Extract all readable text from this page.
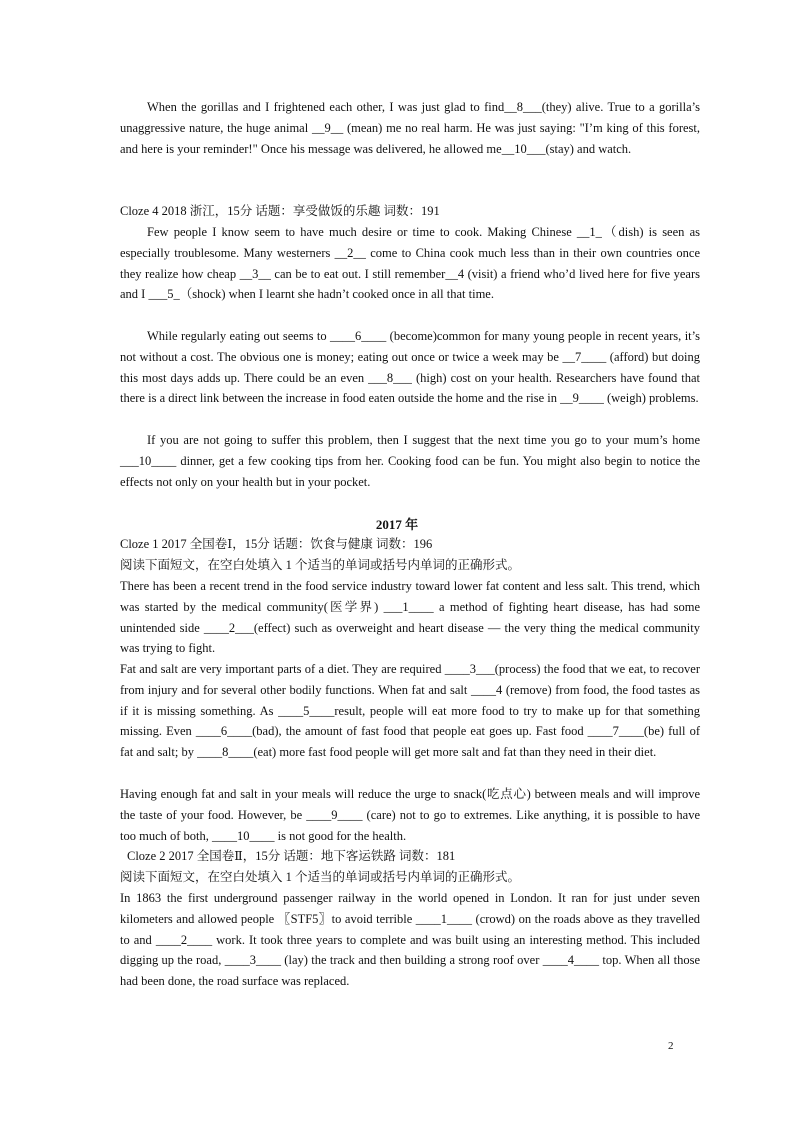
When the gorillas and I frightened each other, I was just glad to find__8___(they) alive. True to a gorilla’s unaggressive nature, the huge animal __9__ (mean) me no real harm. He was just saying: "I’m king of this forest, and here is your reminder!" Once his message was delivered, he allowed me__10___(stay) and watch.

Cloze 4 2018 浙江，15分 话题：享受做饭的乐趣 词数：191

Few people I know seem to have much desire or time to cook. Making Chinese __1_（dish) is seen as especially troublesome. Many westerners __2__ come to China cook much less than in their own countries once they realize how cheap __3__ can be to eat out. I still remember__4 (visit) a friend who’d lived here for five years and I ___5_（shock) when I learnt she hadn’t cooked once in all that time.

While regularly eating out seems to ____6____ (become)common for many young people in recent years, it’s not without a cost. The obvious one is money; eating out once or twice a week may be __7____ (afford) but doing this most days adds up. There could be an even ___8___ (high) cost on your health. Researchers have found that there is a direct link between the increase in food eaten outside the home and the rise in __9____ (weigh) problems.

If you are not going to suffer this problem, then I suggest that the next time you go to your mum’s home ___10____ dinner, get a few cooking tips from her. Cooking food can be fun. You might also begin to notice the effects not only on your health but in your pocket.

2017 年

Cloze 1 2017 全国卷Ⅰ，15分 话题：饮食与健康 词数：196

阅读下面短文，在空白处填入 1 个适当的单词或括号内单词的正确形式。

There has been a recent trend in the food service industry toward lower fat content and less salt. This trend, which was started by the medical community(医学界) ___1____ a method of fighting heart disease, has had some unintended side ____2___(effect) such as overweight and heart disease — the very thing the medical community was trying to fight.

Fat and salt are very important parts of a diet. They are required ____3___(process) the food that we eat, to recover from injury and for several other bodily functions. When fat and salt ____4 (remove) from food, the food tastes as if it is missing something. As ____5____result, people will eat more food to try to make up for that something missing. Even ____6____(bad), the amount of fast food that people eat goes up. Fast food ____7____(be) full of fat and salt; by ____8____(eat) more fast food people will get more salt and fat than they need in their diet.

Having enough fat and salt in your meals will reduce the urge to snack(吃点心) between meals and will improve the taste of your food. However, be ____9____ (care) not to go to extremes. Like anything, it is possible to have too much of both, ____10____ is not good for the health.

Cloze 2 2017 全国卷Ⅱ，15分 话题：地下客运铁路 词数：181

阅读下面短文，在空白处填入 1 个适当的单词或括号内单词的正确形式。

In 1863 the first underground passenger railway in the world opened in London. It ran for just under seven kilometers and allowed people 〖STF5〗to avoid terrible ____1____ (crowd) on the roads above as they travelled to and ____2____ work. It took three years to complete and was built using an interesting method. This included digging up the road, ____3____ (lay) the track and then building a strong roof over ____4____ top. When all those had been done, the road surface was replaced.

2
